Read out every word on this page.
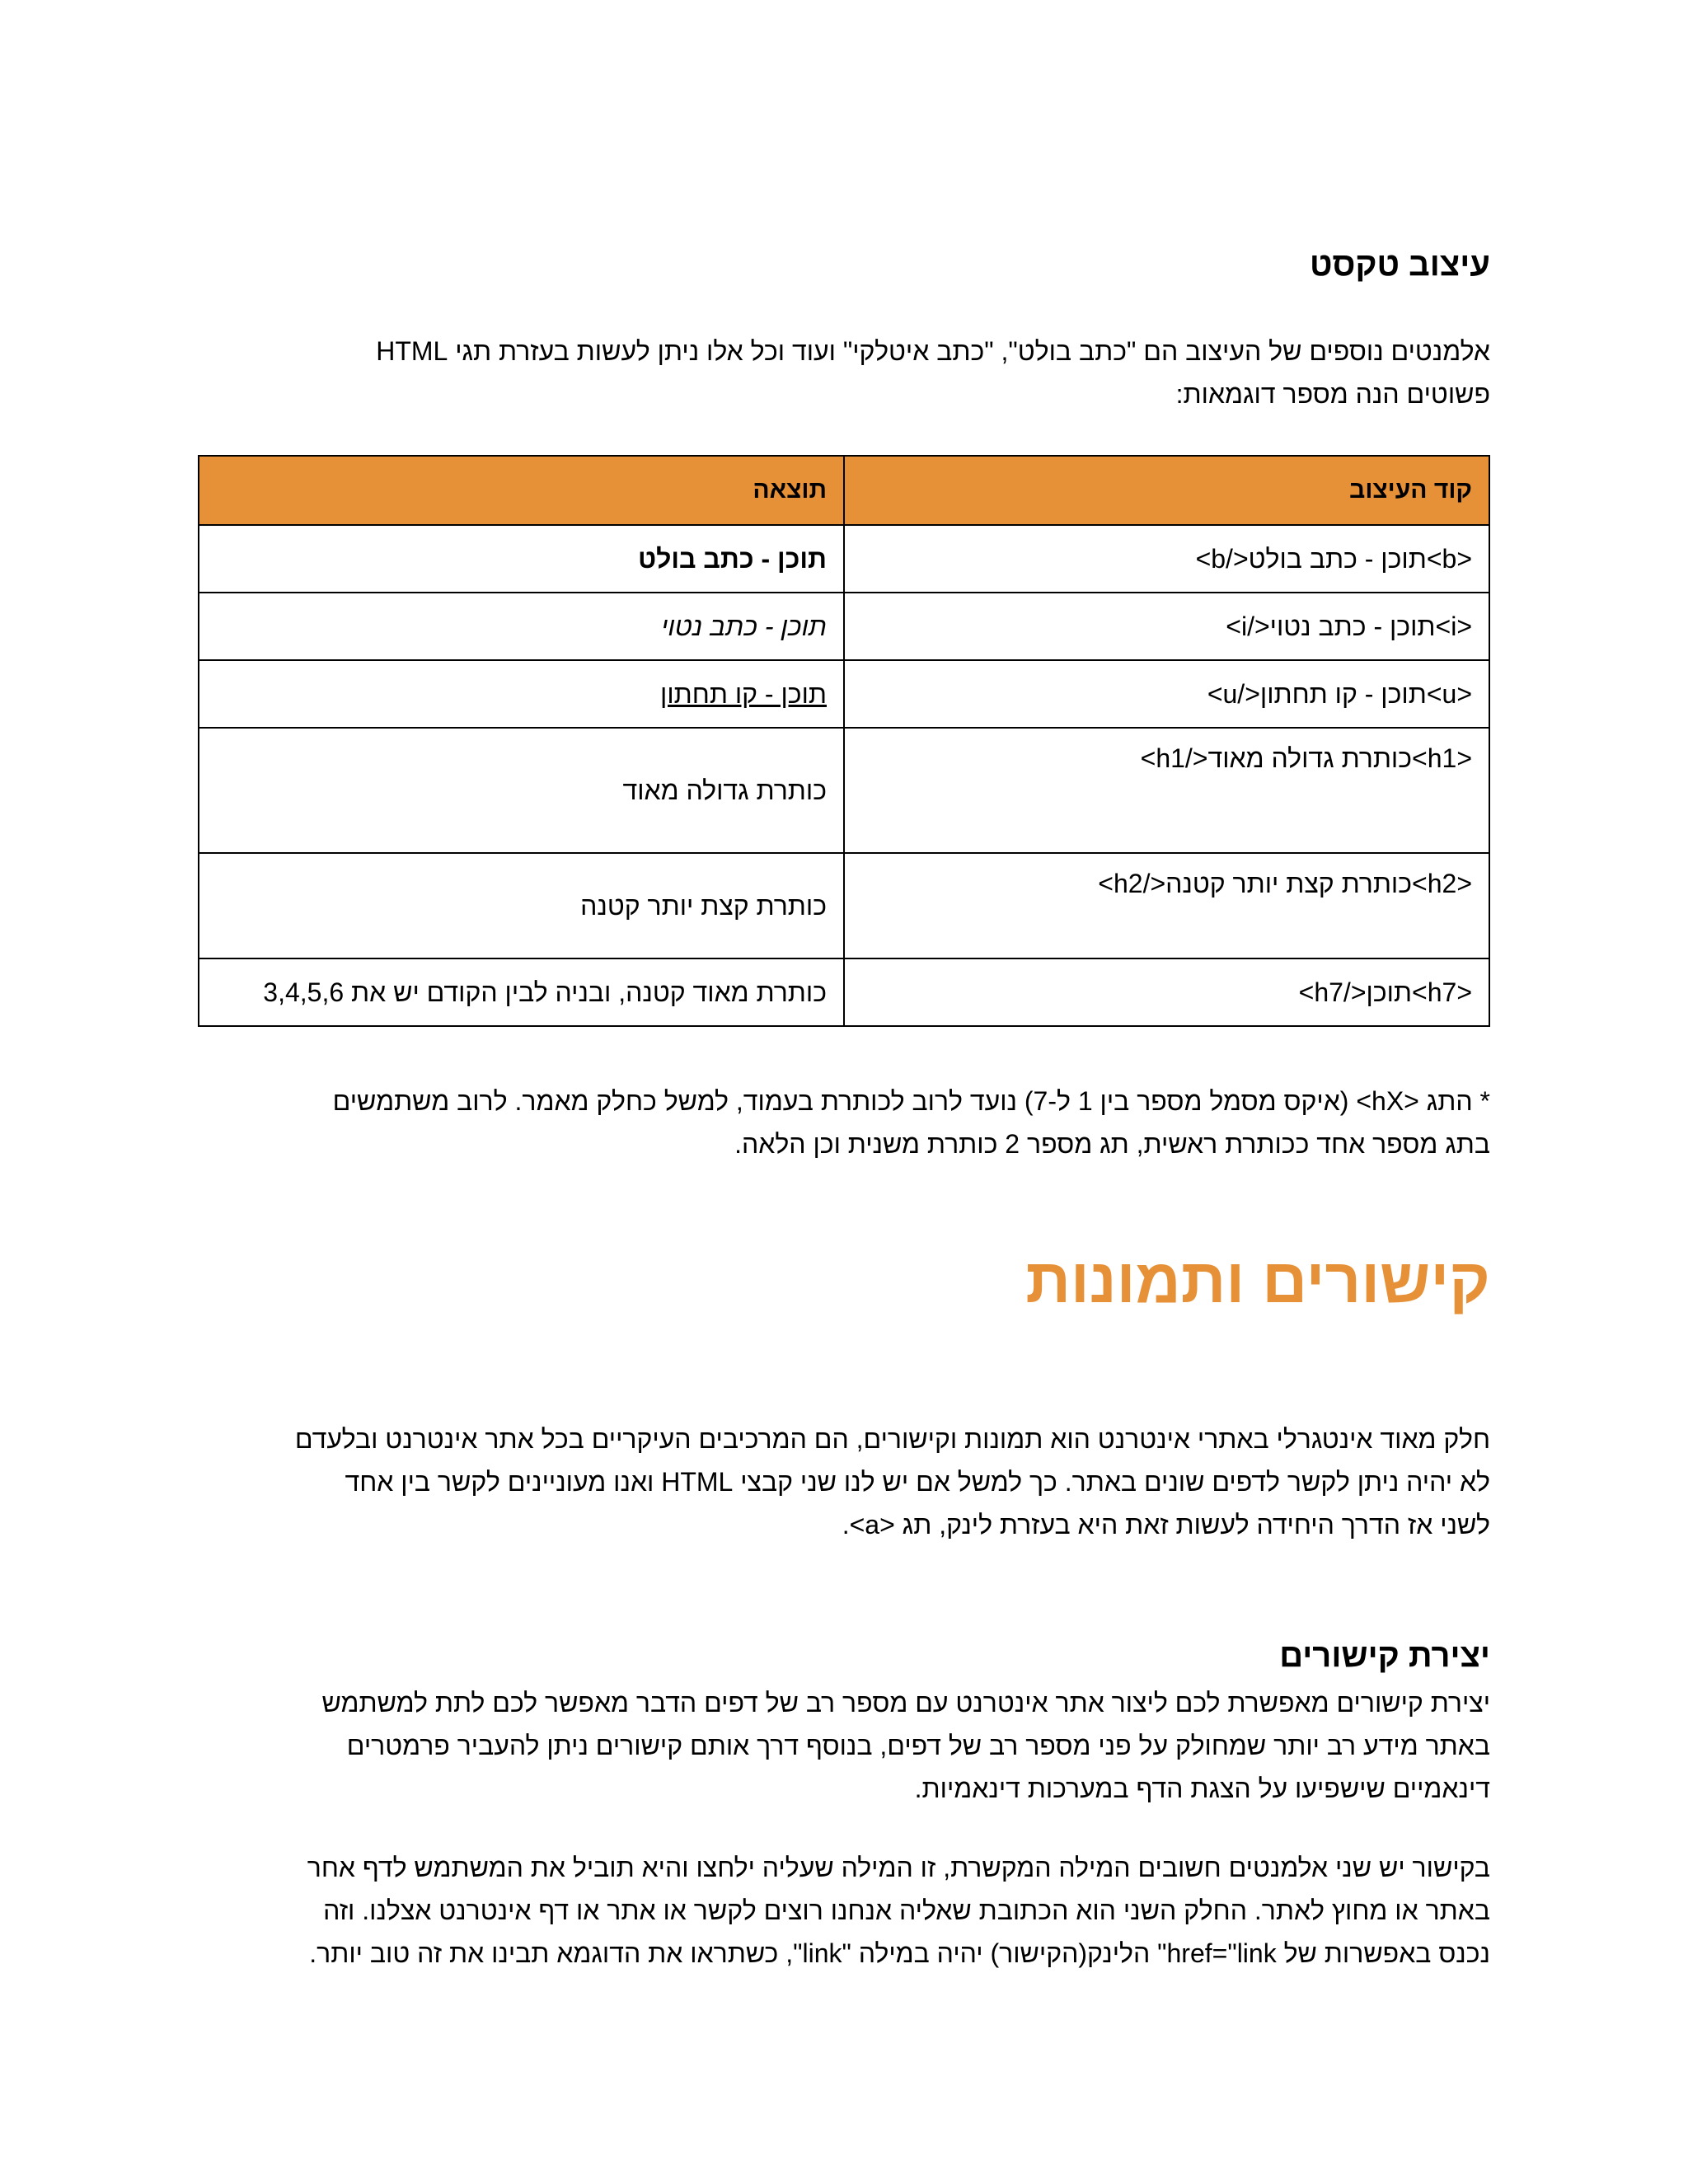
עיצוב טקסט

אלמנטים נוספים של העיצוב הם "כתב בולט", "כתב איטלקי" ועוד וכל אלו ניתן לעשות בעזרת תגי HTML

פשוטים הנה מספר דוגמאות:

קוד העיצוב	תוצאה
<b>תוכן - כתב בולט</b>	תוכן - כתב בולט
<i>תוכן - כתב נטוי</i>	תוכן - כתב נטוי
<u>תוכן - קו תחתון</u>	תוכן - קו תחתון
<h1>כותרת גדולה מאוד</h1>	כותרת גדולה מאוד
<h2>כותרת קצת יותר קטנה</h2>	כותרת קצת יותר קטנה
<h7>תוכן</h7>	כותרת מאוד קטנה, ובניה לבין הקודם יש את 3,4,5,6

* התג <hX> (איקס מסמל מספר בין 1 ל-7) נועד לרוב לכותרת בעמוד, למשל כחלק מאמר. לרוב משתמשים

בתג מספר אחד ככותרת ראשית, תג מספר 2 כותרת משנית וכן הלאה.

קישורים ותמונות

חלק מאוד אינטגרלי באתרי אינטרנט הוא תמונות וקישורים, הם המרכיבים העיקריים בכל אתר אינטרנט ובלעדם

לא יהיה ניתן לקשר לדפים שונים באתר. כך למשל אם יש לנו שני קבצי HTML ואנו מעוניינים לקשר בין אחד

לשני אז הדרך היחידה לעשות זאת היא בעזרת לינק, תג <a>.

יצירת קישורים

יצירת קישורים מאפשרת לכם ליצור אתר אינטרנט עם מספר רב של דפים הדבר מאפשר לכם לתת למשתמש

באתר מידע רב יותר שמחולק על פני מספר רב של דפים, בנוסף דרך אותם קישורים ניתן להעביר פרמטרים

דינאמיים שישפיעו על הצגת הדף במערכות דינאמיות.

בקישור יש שני אלמנטים חשובים המילה המקשרת, זו המילה שעליה ילחצו והיא תוביל את המשתמש לדף אחר

באתר או מחוץ לאתר. החלק השני הוא הכתובת שאליה אנחנו רוצים לקשר או אתר או דף אינטרנט אצלנו. וזה

נכנס באפשרות של href="link" הלינק(הקישור) יהיה במילה "link", כשתראו את הדוגמא תבינו את זה טוב יותר.
